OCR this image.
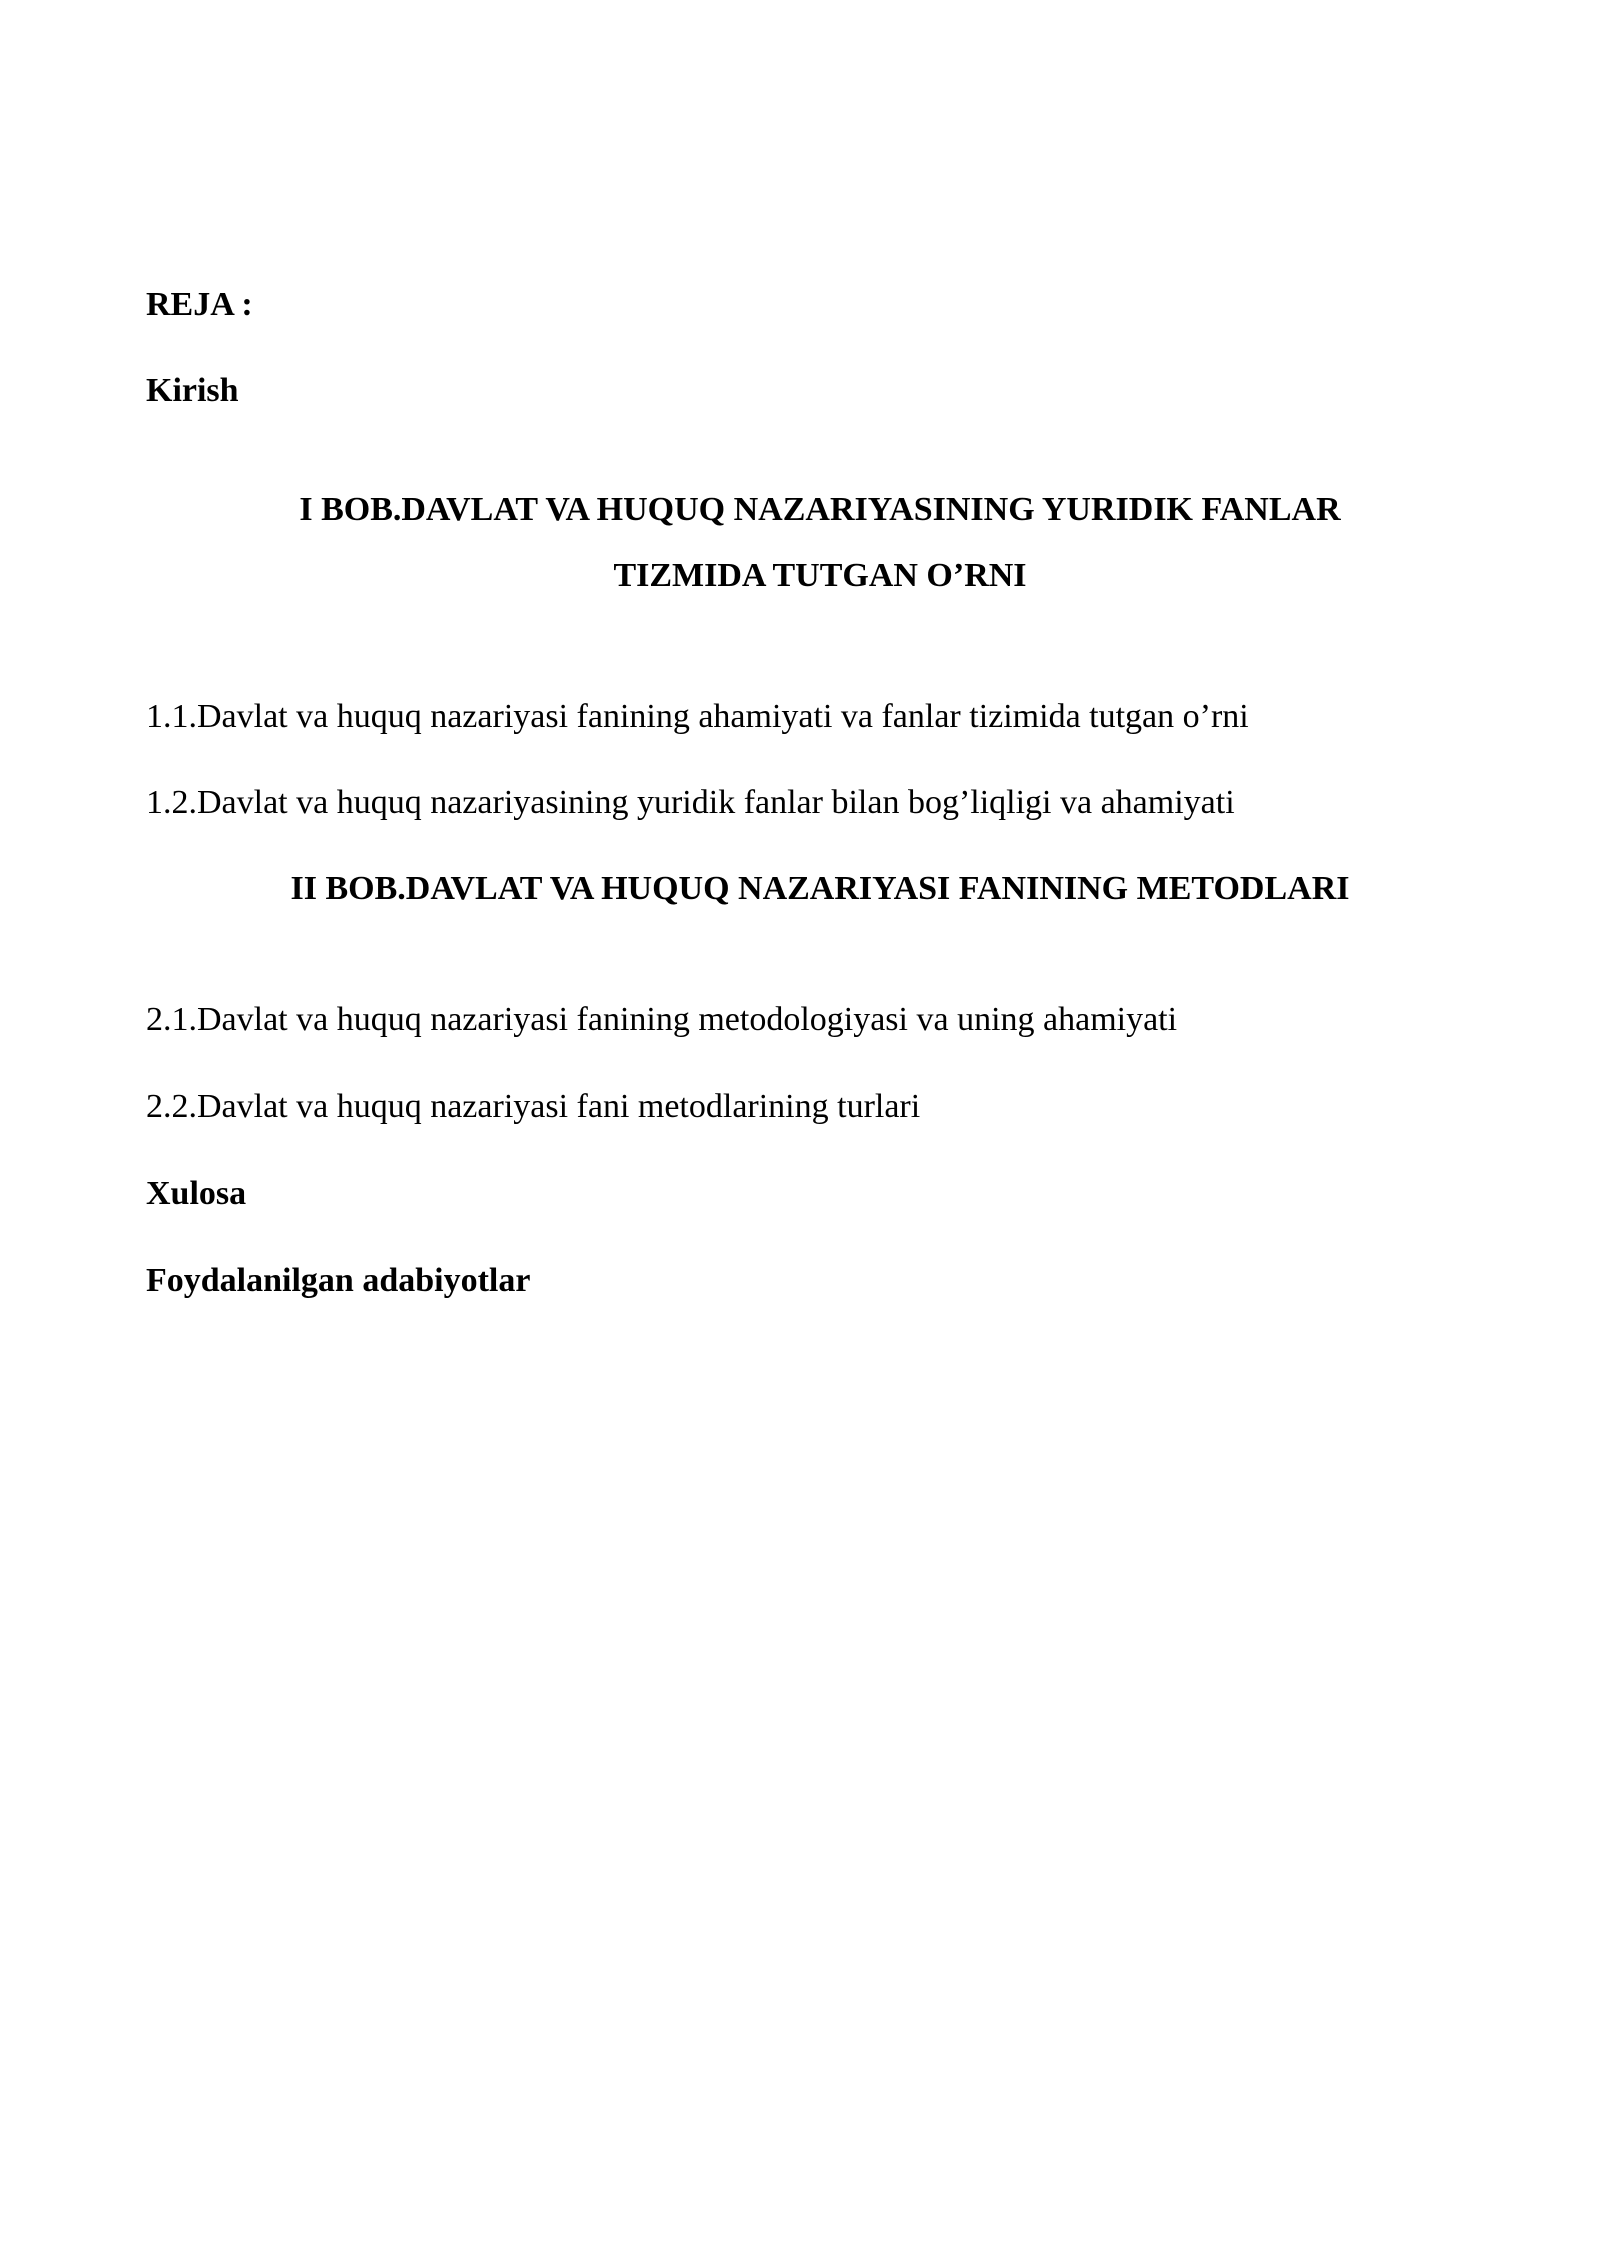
REJA :
Kirish
I BOB.DAVLAT VA HUQUQ NAZARIYASINING YURIDIK FANLAR
TIZMIDA TUTGAN O’RNI
1.1.Davlat va huquq nazariyasi fanining ahamiyati va fanlar tizimida tutgan o’rni
1.2.Davlat va huquq nazariyasining yuridik fanlar bilan bog’liqligi va ahamiyati
II BOB.DAVLAT VA HUQUQ NAZARIYASI FANINING METODLARI
2.1.Davlat va huquq nazariyasi fanining metodologiyasi va uning ahamiyati
2.2.Davlat va huquq nazariyasi fani metodlarining turlari
Xulosa
Foydalanilgan adabiyotlar
